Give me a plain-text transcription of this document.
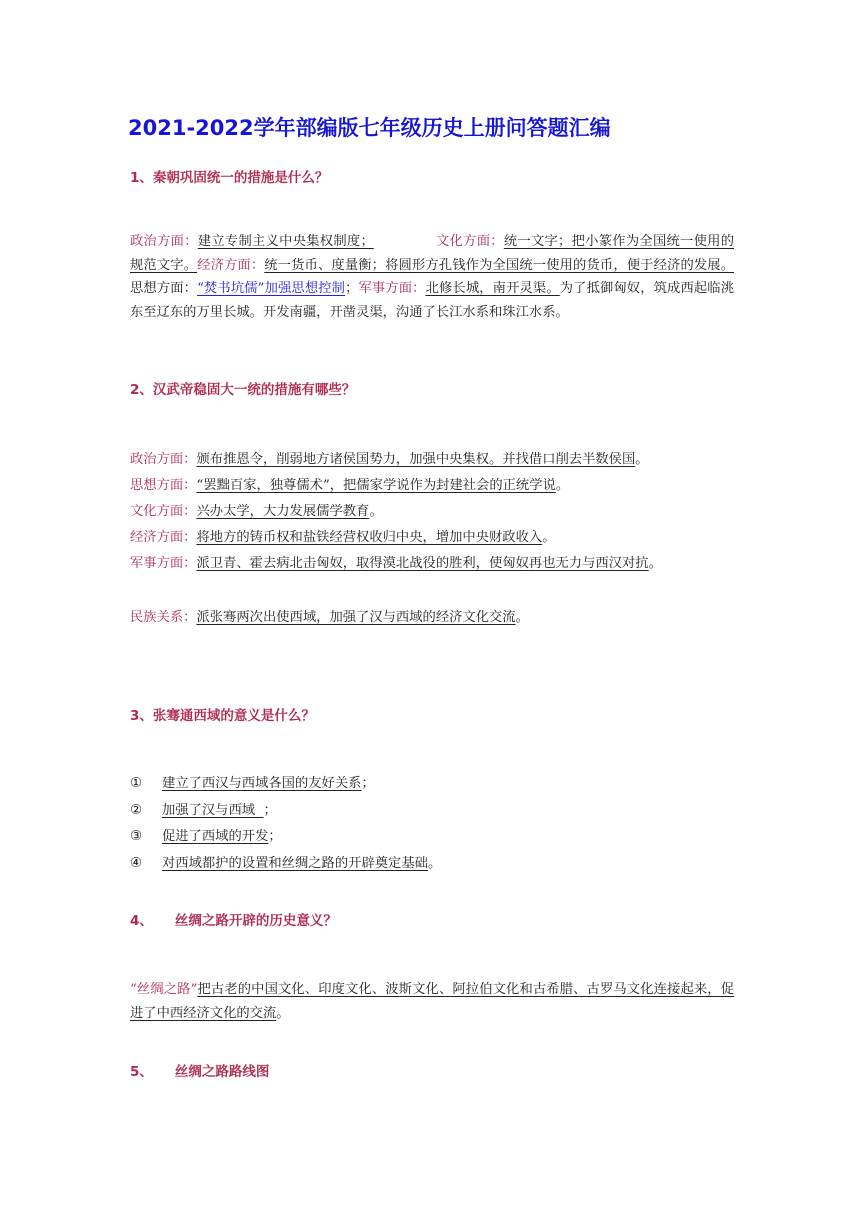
2021-2022学年部编版七年级历史上册问答题汇编
1、秦朝巩固统一的措施是什么？
政治方面：建立专制主义中央集权制度；	文化方面：统一文字；把小篆作为全国统一使用的规范文字。经济方面：统一货币、度量衡；将圆形方孔钱作为全国统一使用的货币，便于经济的发展。思想方面：“焚书坑儒”加强思想控制；军事方面：北修长城，南开灵渠。为了抵御匈奴，筑成西起临洮东至辽东的万里长城。开发南疆，开凿灵渠，沟通了长江水系和珠江水系。
2、汉武帝稳固大一统的措施有哪些？
政治方面：颁布推恩令，削弱地方诸侯国势力，加强中央集权。并找借口削去半数侯国。
思想方面：“罢黜百家，独尊儒术”，把儒家学说作为封建社会的正统学说。
文化方面：兴办太学，大力发展儒学教育。
经济方面：将地方的铸币权和盐铁经营权收归中央，增加中央财政收入。
军事方面：派卫青、霍去病北击匈奴，取得漠北战役的胜利，使匈奴再也无力与西汉对抗。
民族关系：派张骞两次出使西域，加强了汉与西域的经济文化交流。
3、张骞通西域的意义是什么？
① 建立了西汉与西域各国的友好关系；
② 加强了汉与西域  ；
③ 促进了西域的开发；
④ 对西域都护的设置和丝绸之路的开辟奠定基础。
4、 丝绸之路开辟的历史意义？
“丝绸之路”把古老的中国文化、印度文化、波斯文化、阿拉伯文化和古希腊、古罗马文化连接起来，促进了中西经济文化的交流。
5、 丝绸之路路线图
